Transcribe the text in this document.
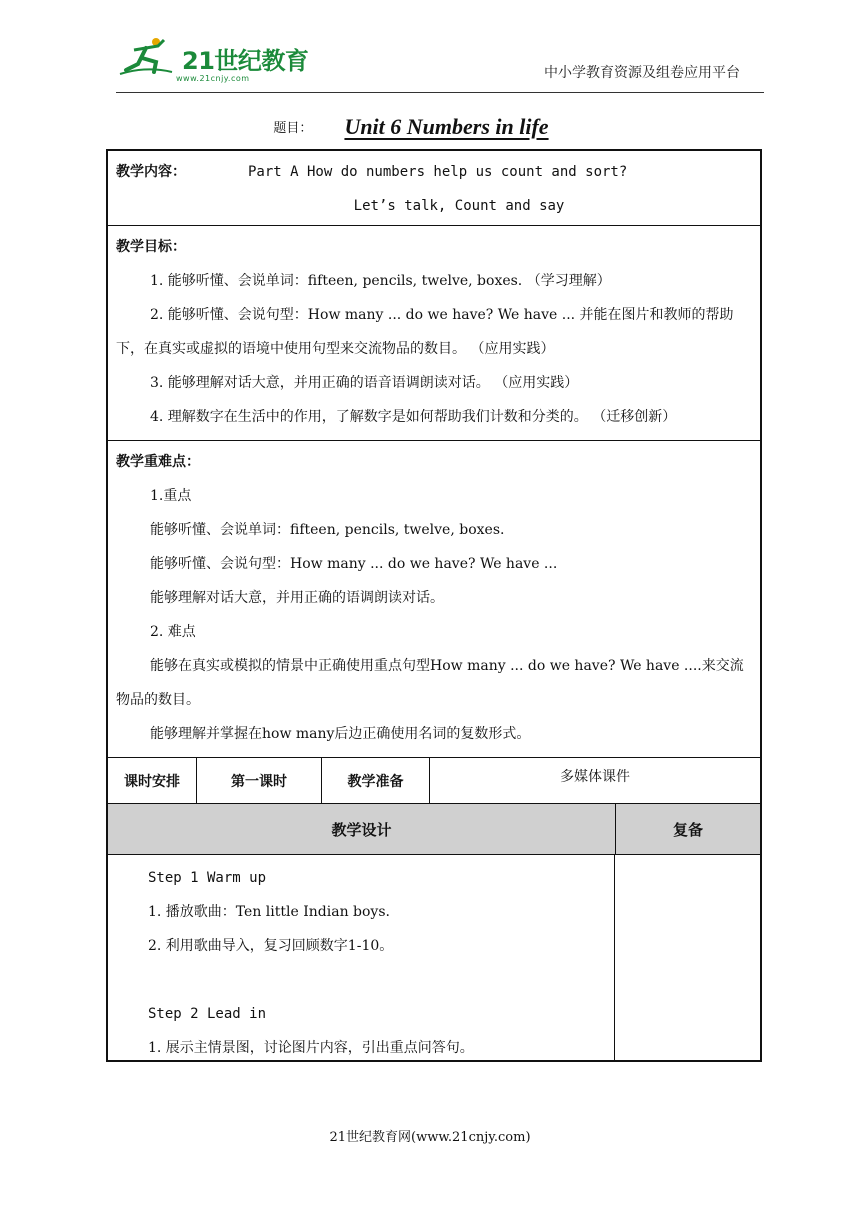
21世纪教育
www.21cnjy.com	中小学教育资源及组卷应用平台
题目： Unit 6 Numbers in life
教学内容：	Part A How do numbers help us count and sort?
Let’s talk, Count and say
教学目标：
1. 能够听懂、会说单词：fifteen, pencils, twelve, boxes. （学习理解）
2. 能够听懂、会说句型：How many ... do we have? We have ... 并能在图片和教师的帮助下，在真实或虚拟的语境中使用句型来交流物品的数目。 （应用实践）
3. 能够理解对话大意，并用正确的语音语调朗读对话。 （应用实践）
4. 理解数字在生活中的作用，了解数字是如何帮助我们计数和分类的。 （迁移创新）
教学重难点：
1.重点
能够听懂、会说单词：fifteen, pencils, twelve, boxes.
能够听懂、会说句型：How many ... do we have? We have ...
能够理解对话大意，并用正确的语调朗读对话。
2. 难点
能够在真实或模拟的情景中正确使用重点句型How many ... do we have? We have ....来交流物品的数目。
能够理解并掌握在how many后边正确使用名词的复数形式。
课时安排	第一课时	教学准备	多媒体课件
教学设计	复备
Step 1 Warm up
1. 播放歌曲：Ten little Indian boys.
2. 利用歌曲导入，复习回顾数字1-10。
Step 2 Lead in
1. 展示主情景图，讨论图片内容，引出重点问答句。
21世纪教育网(www.21cnjy.com)
